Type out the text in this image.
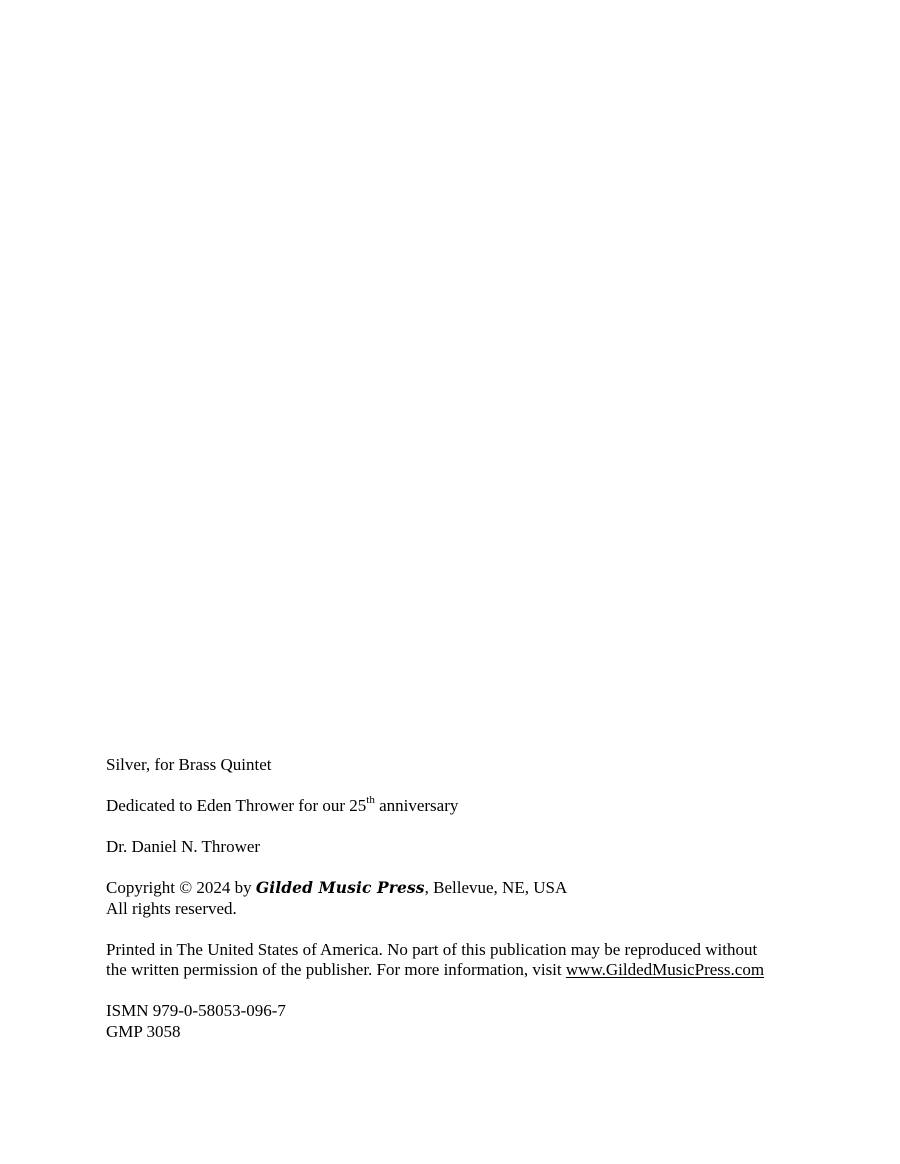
Silver, for Brass Quintet
Dedicated to Eden Thrower for our 25th anniversary
Dr. Daniel N. Thrower
Copyright © 2024 by Gilded Music Press, Bellevue, NE, USA
All rights reserved.
Printed in The United States of America. No part of this publication may be reproduced without
the written permission of the publisher. For more information, visit www.GildedMusicPress.com
ISMN 979-0-58053-096-7
GMP 3058
